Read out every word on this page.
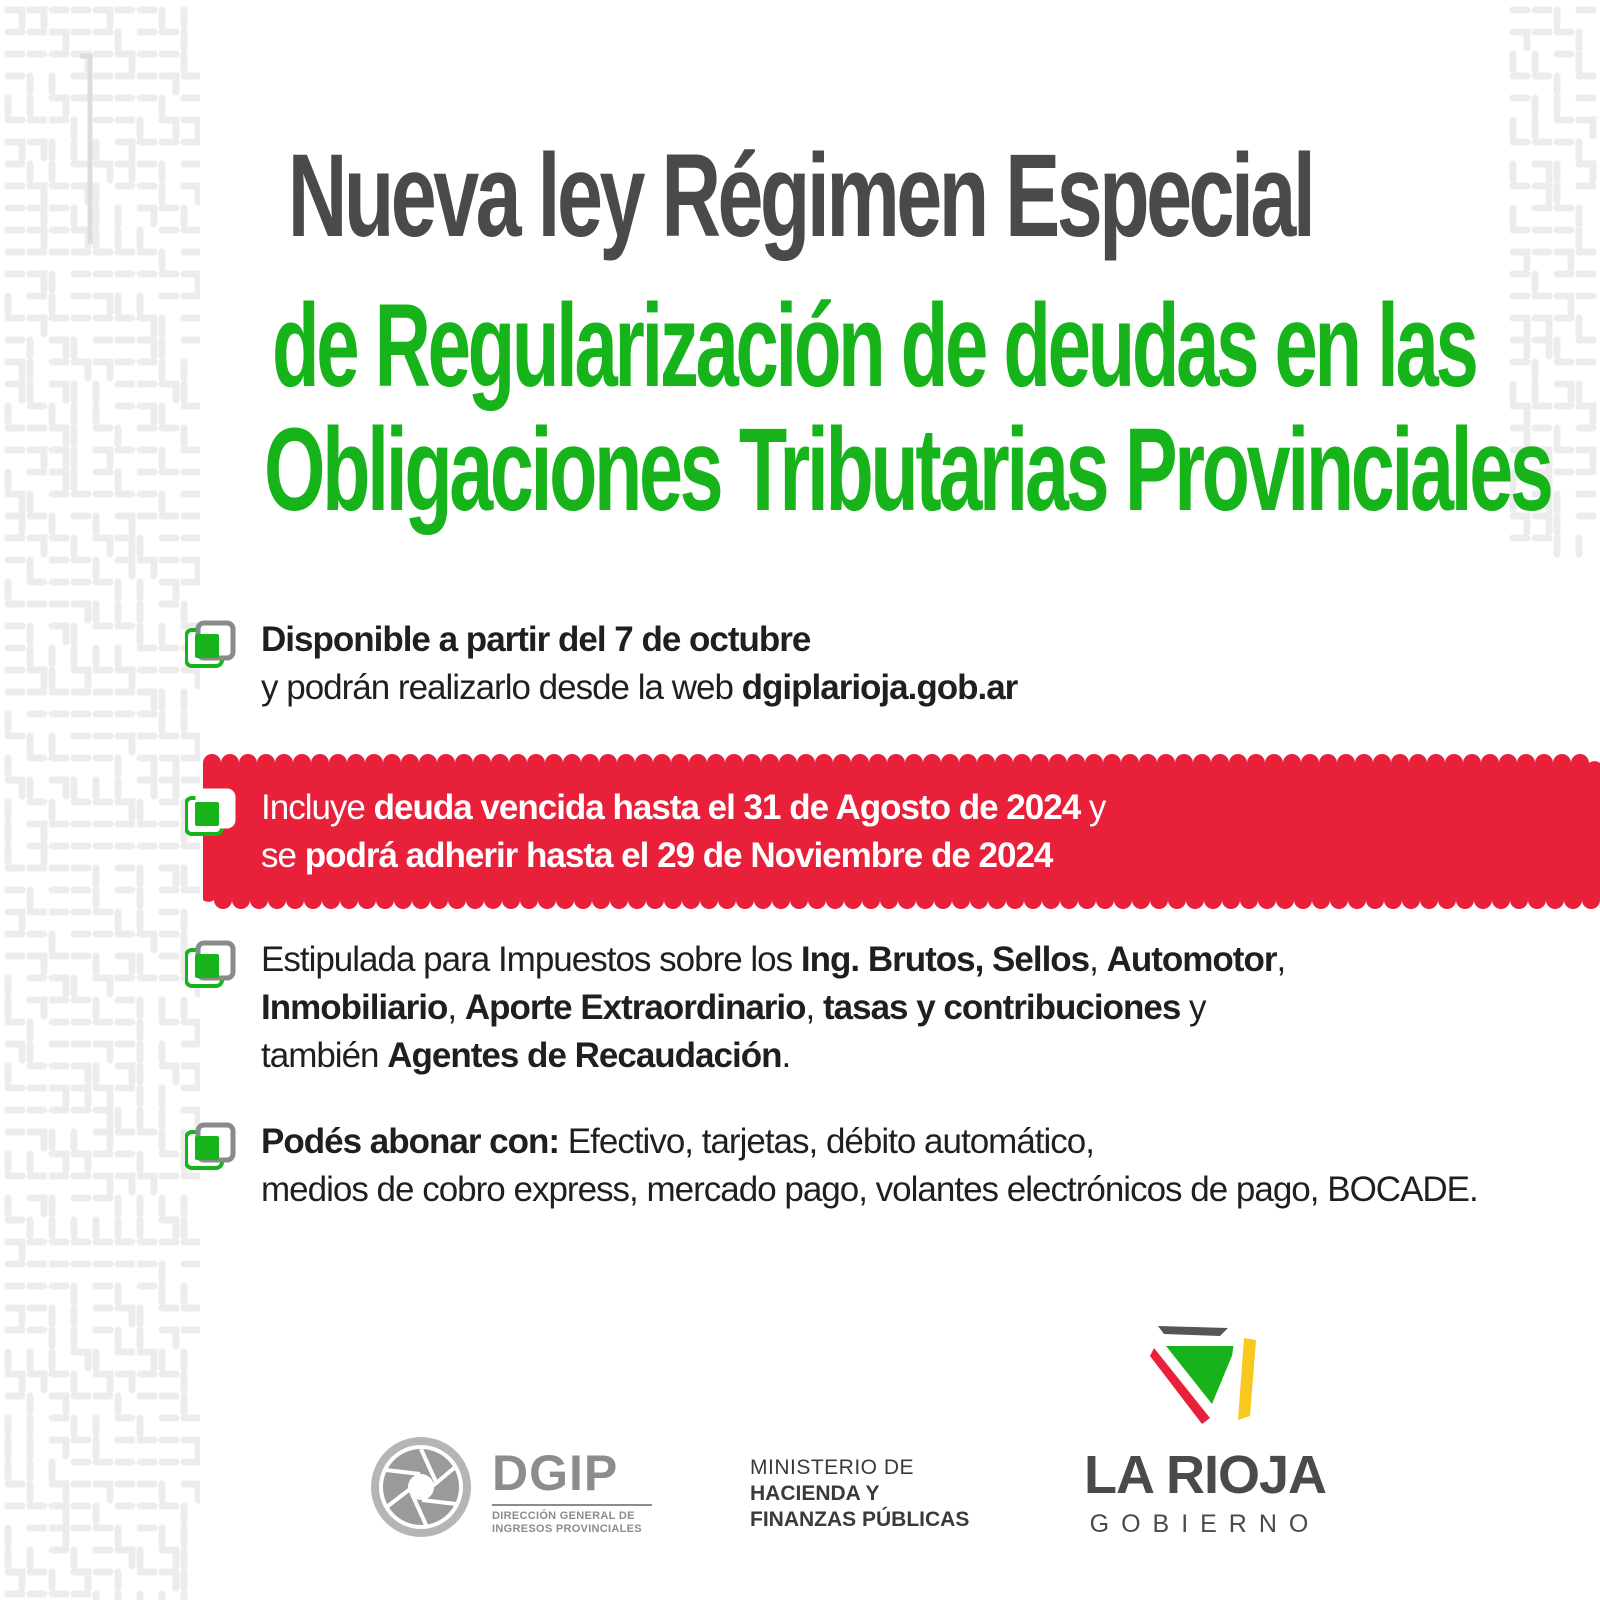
Nueva ley Régimen Especial
de Regularización de deudas en las
Obligaciones Tributarias Provinciales
Disponible a partir del 7 de octubre
y podrán realizarlo desde la web dgiplarioja.gob.ar
Incluye deuda vencida hasta el 31 de Agosto de 2024 y
se podrá adherir hasta el 29 de Noviembre de 2024
Estipulada para Impuestos sobre los Ing. Brutos, Sellos, Automotor,
Inmobiliario, Aporte Extraordinario, tasas y contribuciones y
también Agentes de Recaudación.
Podés abonar con: Efectivo, tarjetas, débito automático,
medios de cobro express, mercado pago, volantes electrónicos de pago, BOCADE.
DGIP
DIRECCIÓN GENERAL DE
INGRESOS PROVINCIALES
MINISTERIO DE
HACIENDA Y
FINANZAS PÚBLICAS
LA RIOJA
GOBIERNO
